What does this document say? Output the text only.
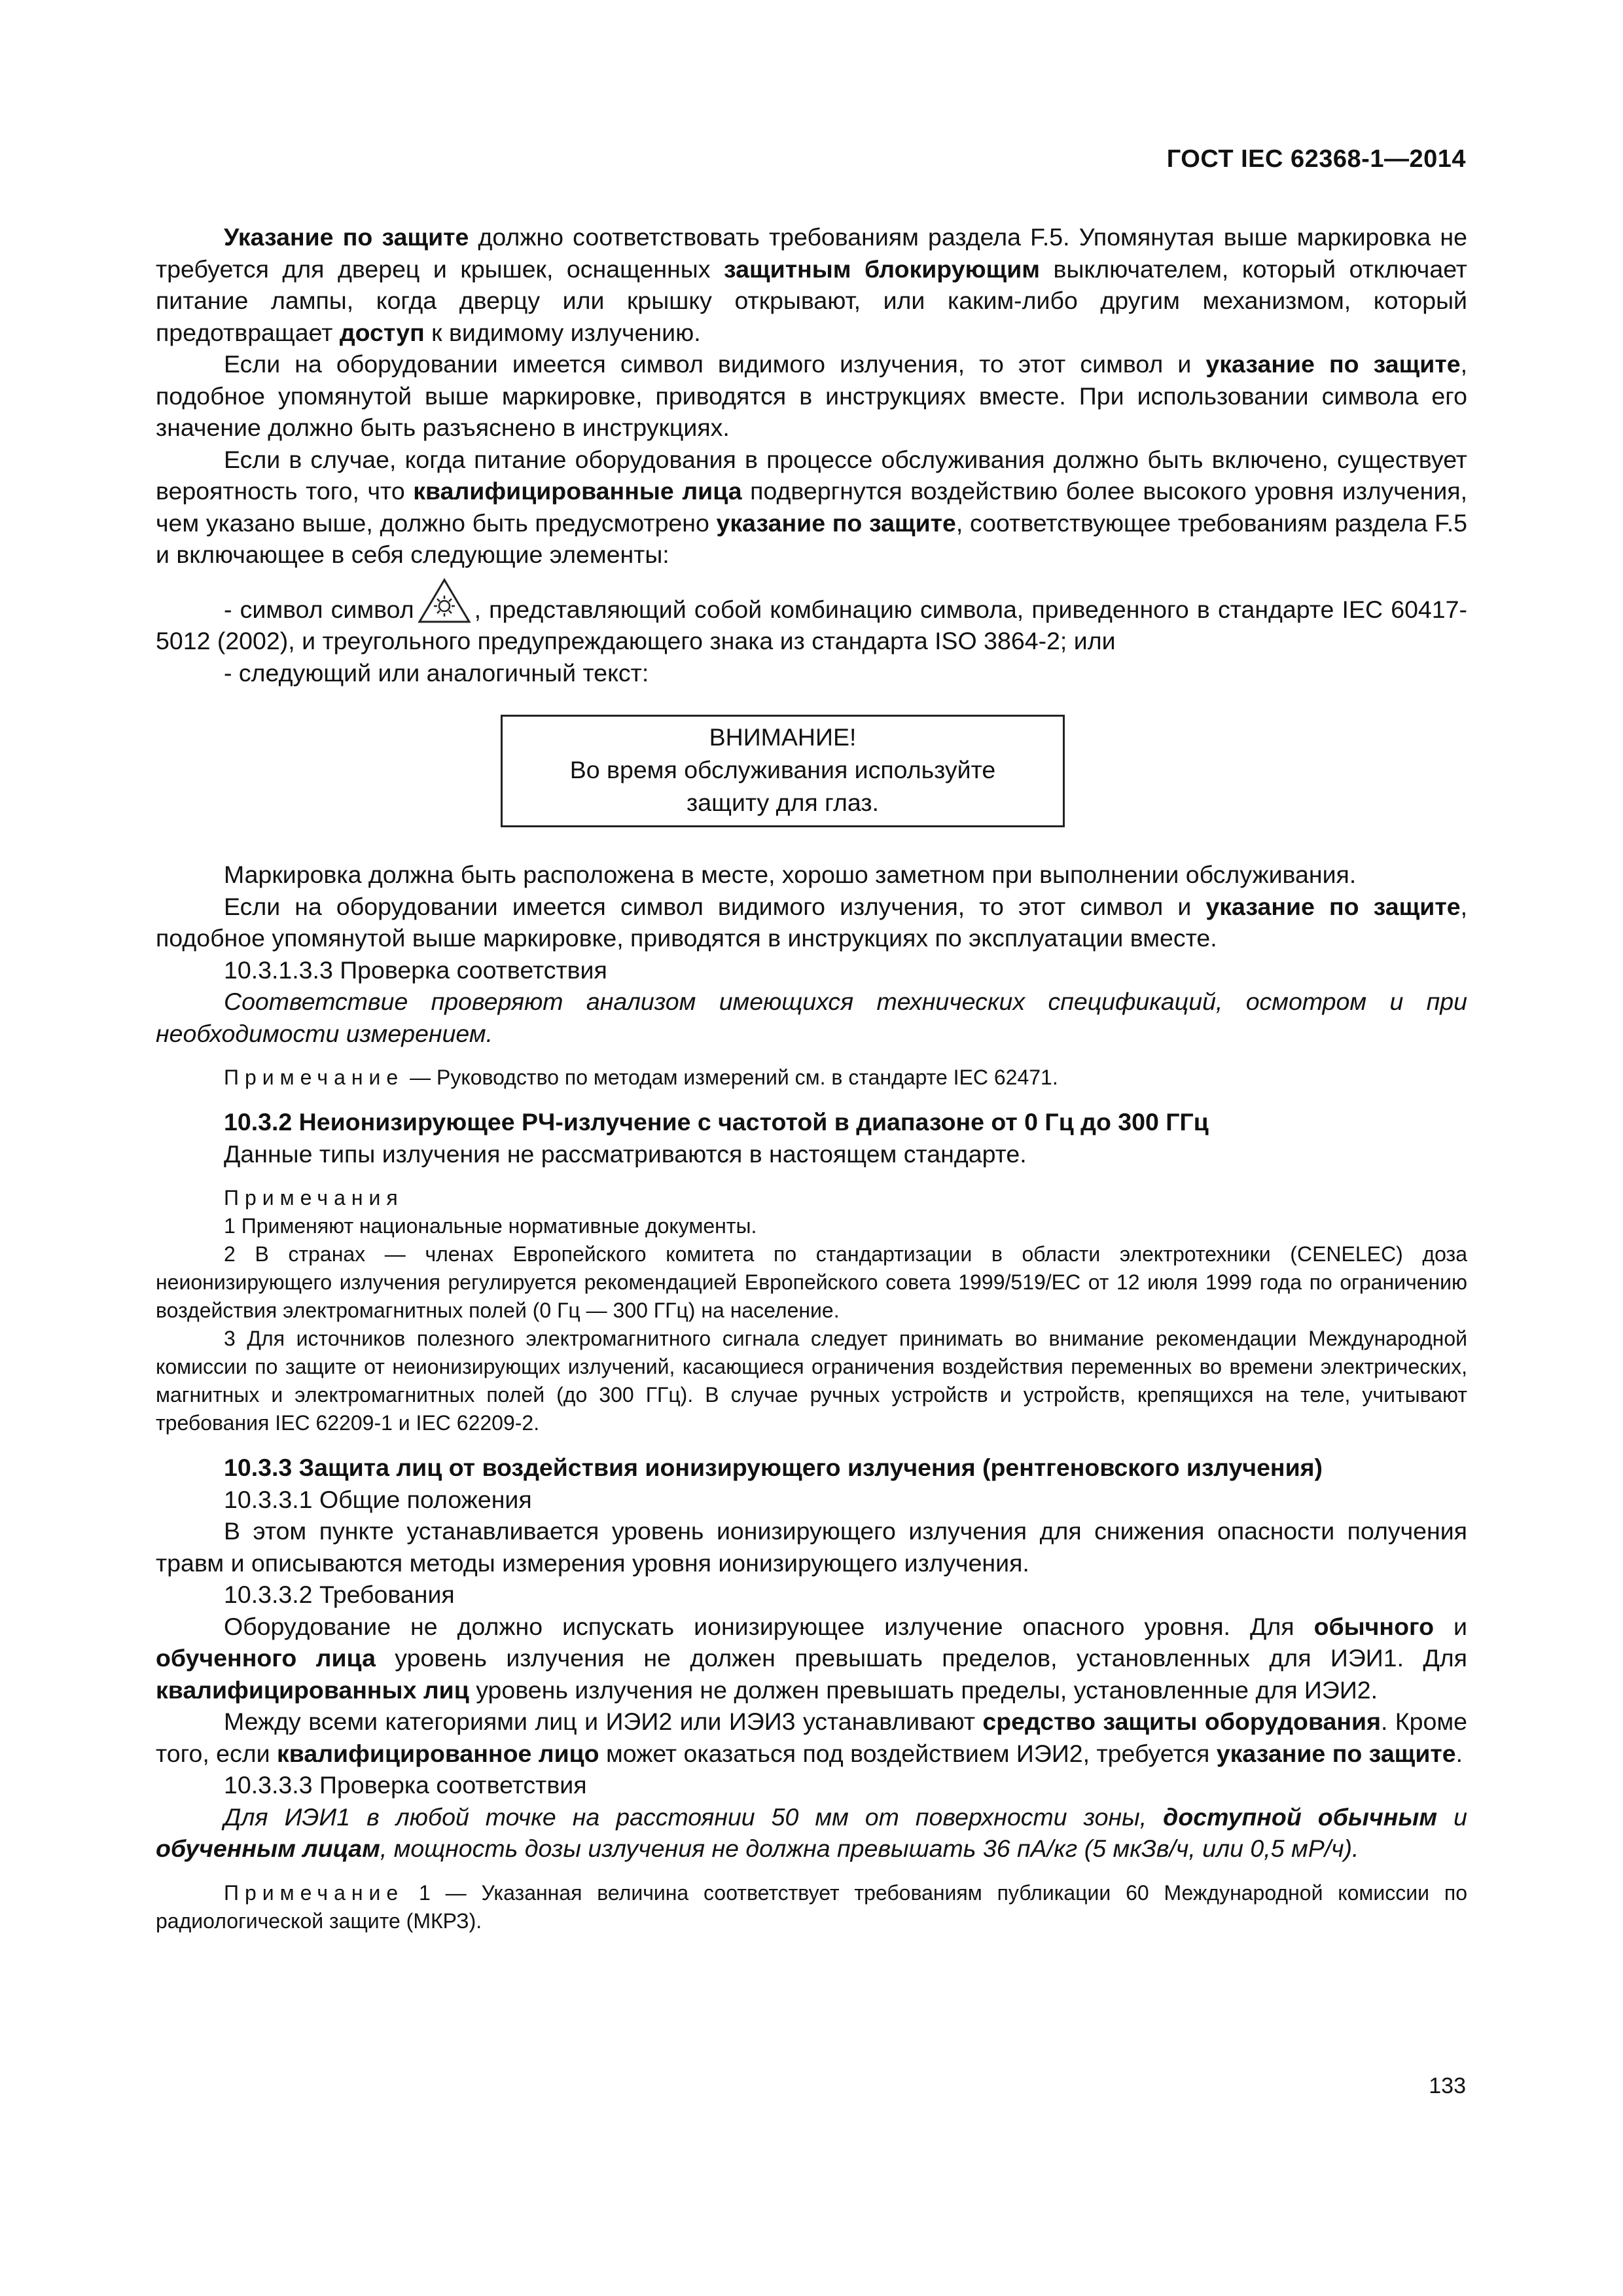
ГОСТ IEC 62368-1—2014

Указание по защите должно соответствовать требованиям раздела F.5. Упомянутая выше маркировка не требуется для дверец и крышек, оснащенных защитным блокирующим выключателем, который отключает питание лампы, когда дверцу или крышку открывают, или каким-либо другим механизмом, который предотвращает доступ к видимому излучению.

Если на оборудовании имеется символ видимого излучения, то этот символ и указание по защите, подобное упомянутой выше маркировке, приводятся в инструкциях вместе. При использовании символа его значение должно быть разъяснено в инструкциях.

Если в случае, когда питание оборудования в процессе обслуживания должно быть включено, существует вероятность того, что квалифицированные лица подвергнутся воздействию более высокого уровня излучения, чем указано выше, должно быть предусмотрено указание по защите, соответствующее требованиям раздела F.5 и включающее в себя следующие элементы:

- символ символ , представляющий собой комбинацию символа, приведенного в стандарте IEC 60417-5012 (2002), и треугольного предупреждающего знака из стандарта ISO 3864-2; или

- следующий или аналогичный текст:

ВНИМАНИЕ!
Во время обслуживания используйте
защиту для глаз.

Маркировка должна быть расположена в месте, хорошо заметном при выполнении обслуживания.

Если на оборудовании имеется символ видимого излучения, то этот символ и указание по защите, подобное упомянутой выше маркировке, приводятся в инструкциях по эксплуатации вместе.

10.3.1.3.3 Проверка соответствия

Соответствие проверяют анализом имеющихся технических спецификаций, осмотром и при необходимости измерением.

Примечание — Руководство по методам измерений см. в стандарте IEC 62471.

10.3.2 Неионизирующее РЧ-излучение с частотой в диапазоне от 0 Гц до 300 ГГц

Данные типы излучения не рассматриваются в настоящем стандарте.

Примечания

1 Применяют национальные нормативные документы.

2 В странах — членах Европейского комитета по стандартизации в области электротехники (CENELEC) доза неионизирующего излучения регулируется рекомендацией Европейского совета 1999/519/ЕС от 12 июля 1999 года по ограничению воздействия электромагнитных полей (0 Гц — 300 ГГц) на население.

3 Для источников полезного электромагнитного сигнала следует принимать во внимание рекомендации Международной комиссии по защите от неионизирующих излучений, касающиеся ограничения воздействия переменных во времени электрических, магнитных и электромагнитных полей (до 300 ГГц). В случае ручных устройств и устройств, крепящихся на теле, учитывают требования IEC 62209-1 и IEC 62209-2.

10.3.3 Защита лиц от воздействия ионизирующего излучения (рентгеновского излучения)

10.3.3.1 Общие положения

В этом пункте устанавливается уровень ионизирующего излучения для снижения опасности получения травм и описываются методы измерения уровня ионизирующего излучения.

10.3.3.2 Требования

Оборудование не должно испускать ионизирующее излучение опасного уровня. Для обычного и обученного лица уровень излучения не должен превышать пределов, установленных для ИЭИ1. Для квалифицированных лиц уровень излучения не должен превышать пределы, установленные для ИЭИ2.

Между всеми категориями лиц и ИЭИ2 или ИЭИ3 устанавливают средство защиты оборудования. Кроме того, если квалифицированное лицо может оказаться под воздействием ИЭИ2, требуется указание по защите.

10.3.3.3 Проверка соответствия

Для ИЭИ1 в любой точке на расстоянии 50 мм от поверхности зоны, доступной обычным и обученным лицам, мощность дозы излучения не должна превышать 36 пА/кг (5 мкЗв/ч, или 0,5 мР/ч).

Примечание 1 — Указанная величина соответствует требованиям публикации 60 Международной комиссии по радиологической защите (МКРЗ).

133
